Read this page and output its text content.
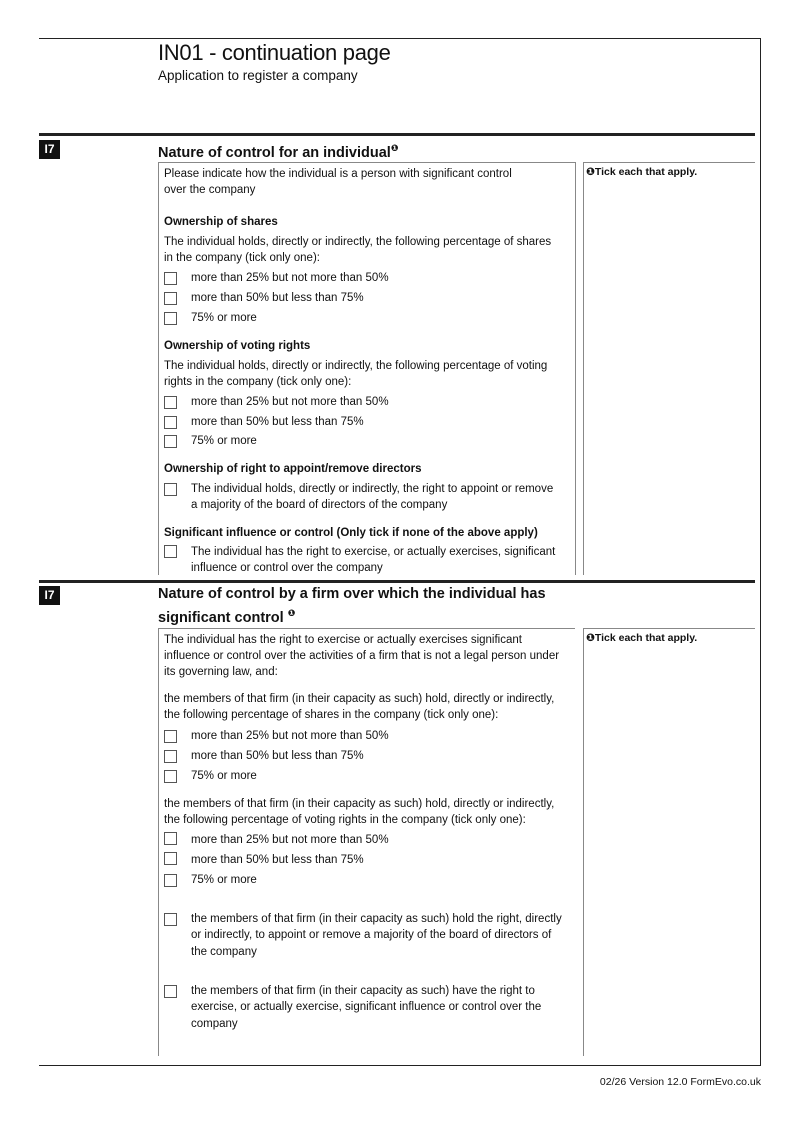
IN01 - continuation page
Application to register a company
I7	Nature of control for an individual$^❶$
❶Tick each that apply.
Please indicate how the individual is a person with significant control
over the company
Ownership of shares
The individual holds, directly or indirectly, the following percentage of shares
in the company (tick only one):
more than 25% but not more than 50%
more than 50% but less than 75%
75% or more
Ownership of voting rights
The individual holds, directly or indirectly, the following percentage of voting
rights in the company (tick only one):
more than 25% but not more than 50%
more than 50% but less than 75%
75% or more
Ownership of right to appoint/remove directors
The individual holds, directly or indirectly, the right to appoint or remove
a majority of the board of directors of the company
Significant influence or control (Only tick if none of the above apply)
The individual has the right to exercise, or actually exercises, significant
influence or control over the company
I7	Nature of control by a firm over which the individual has
significant control $^❶$
❶Tick each that apply.
The individual has the right to exercise or actually exercises significant
influence or control over the activities of a firm that is not a legal person under
its governing law, and:
the members of that firm (in their capacity as such) hold, directly or indirectly,
the following percentage of shares in the company (tick only one):
more than 25% but not more than 50%
more than 50% but less than 75%
75% or more
the members of that firm (in their capacity as such) hold, directly or indirectly,
the following percentage of voting rights in the company (tick only one):
more than 25% but not more than 50%
more than 50% but less than 75%
75% or more
the members of that firm (in their capacity as such) hold the right, directly
or indirectly, to appoint or remove a majority of the board of directors of
the company
the members of that firm (in their capacity as such) have the right to
exercise, or actually exercise, significant influence or control over the
company
02/26 Version 12.0 FormEvo.co.uk
